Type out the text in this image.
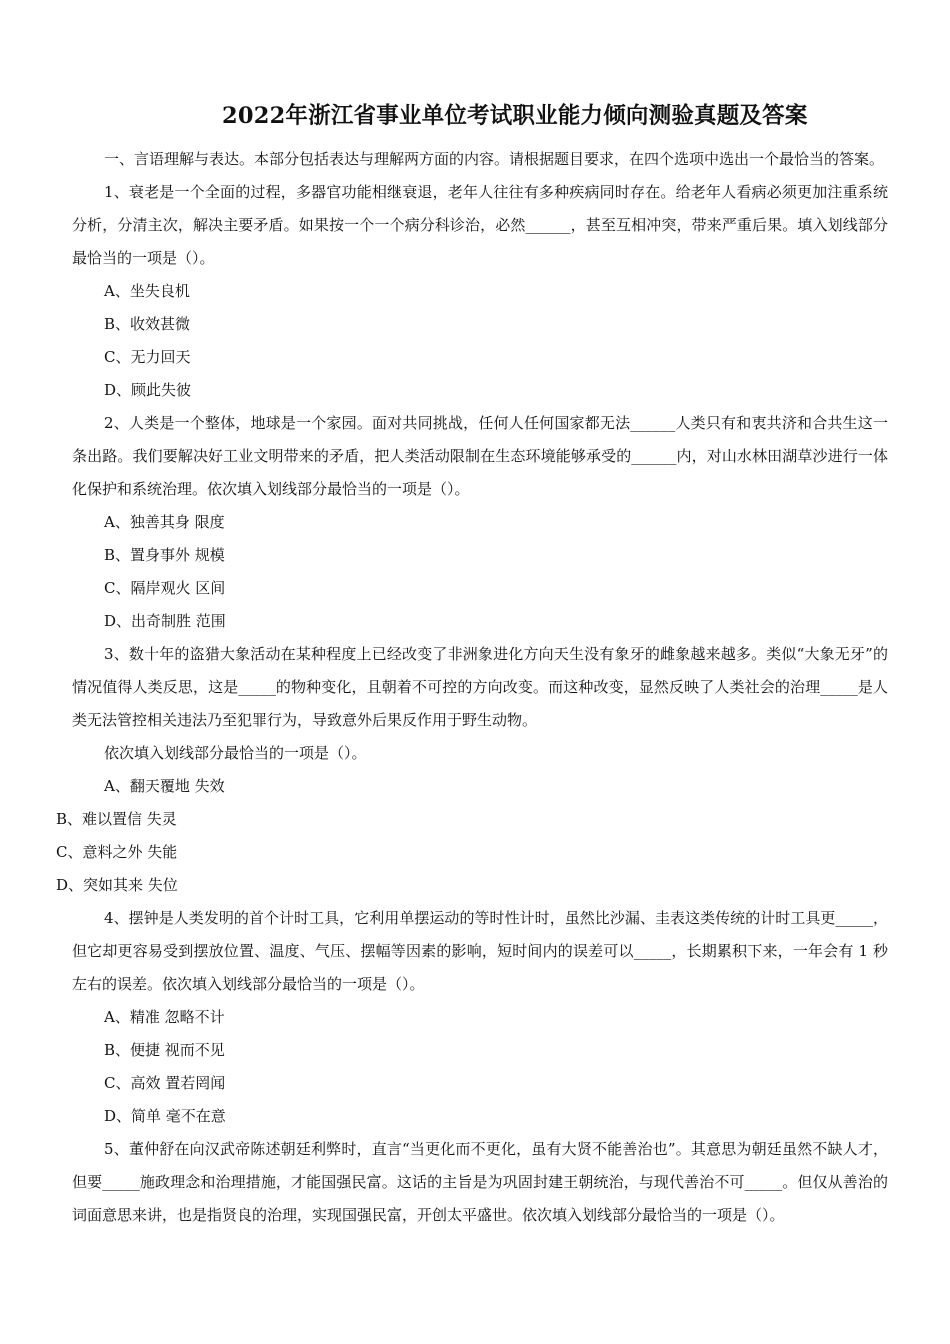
2022年浙江省事业单位考试职业能力倾向测验真题及答案

一、言语理解与表达。本部分包括表达与理解两方面的内容。请根据题目要求，在四个选项中选出一个最恰当的答案。

1、衰老是一个全面的过程，多器官功能相继衰退，老年人往往有多种疾病同时存在。给老年人看病必须更加注重系统分析，分清主次，解决主要矛盾。如果按一个一个病分科诊治，必然______，甚至互相冲突，带来严重后果。填入划线部分最恰当的一项是（）。

A、坐失良机

B、收效甚微

C、无力回天

D、顾此失彼

2、人类是一个整体，地球是一个家园。面对共同挑战，任何人任何国家都无法______人类只有和衷共济和合共生这一条出路。我们要解决好工业文明带来的矛盾，把人类活动限制在生态环境能够承受的______内，对山水林田湖草沙进行一体化保护和系统治理。依次填入划线部分最恰当的一项是（）。

A、独善其身 限度

B、置身事外 规模

C、隔岸观火 区间

D、出奇制胜 范围

3、数十年的盗猎大象活动在某种程度上已经改变了非洲象进化方向天生没有象牙的雌象越来越多。类似“大象无牙”的情况值得人类反思，这是_____的物种变化，且朝着不可控的方向改变。而这种改变，显然反映了人类社会的治理_____是人类无法管控相关违法乃至犯罪行为，导致意外后果反作用于野生动物。

依次填入划线部分最恰当的一项是（）。

A、翻天覆地 失效

B、难以置信 失灵

C、意料之外 失能

D、突如其来 失位

4、摆钟是人类发明的首个计时工具，它利用单摆运动的等时性计时，虽然比沙漏、圭表这类传统的计时工具更_____，但它却更容易受到摆放位置、温度、气压、摆幅等因素的影响，短时间内的误差可以_____，长期累积下来，一年会有 1 秒左右的误差。依次填入划线部分最恰当的一项是（）。

A、精准 忽略不计

B、便捷 视而不见

C、高效 置若罔闻

D、简单 毫不在意

5、董仲舒在向汉武帝陈述朝廷利弊时，直言“当更化而不更化，虽有大贤不能善治也”。其意思为朝廷虽然不缺人才，但要_____施政理念和治理措施，才能国强民富。这话的主旨是为巩固封建王朝统治，与现代善治不可_____。但仅从善治的词面意思来讲，也是指贤良的治理，实现国强民富，开创太平盛世。依次填入划线部分最恰当的一项是（）。
